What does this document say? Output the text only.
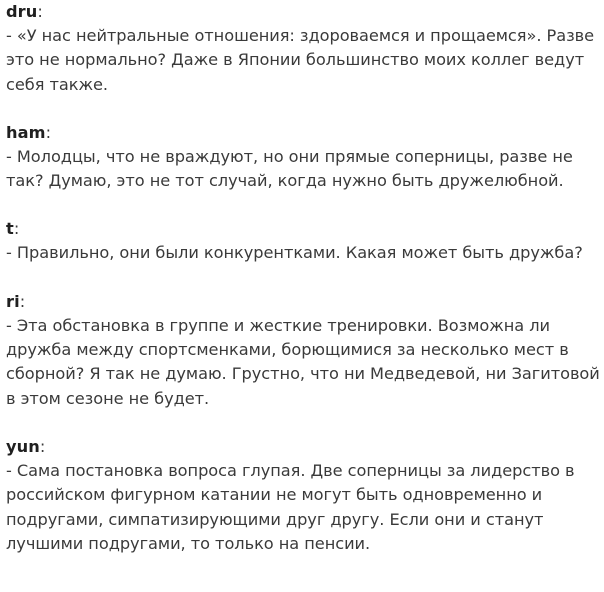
dru:

- «У нас нейтральные отношения: здороваемся и прощаемся». Разве это не нормально? Даже в Японии большинство моих коллег ведут себя также.

ham:

- Молодцы, что не враждуют, но они прямые соперницы, разве не так? Думаю, это не тот случай, когда нужно быть дружелюбной.

t:

- Правильно, они были конкурентками. Какая может быть дружба?

ri:

- Эта обстановка в группе и жесткие тренировки. Возможна ли дружба между спортсменками, борющимися за несколько мест в сборной? Я так не думаю. Грустно, что ни Медведевой, ни Загитовой в этом сезоне не будет.

yun:

- Сама постановка вопроса глупая. Две соперницы за лидерство в российском фигурном катании не могут быть одновременно и подругами, симпатизирующими друг другу. Если они и станут лучшими подругами, то только на пенсии.
